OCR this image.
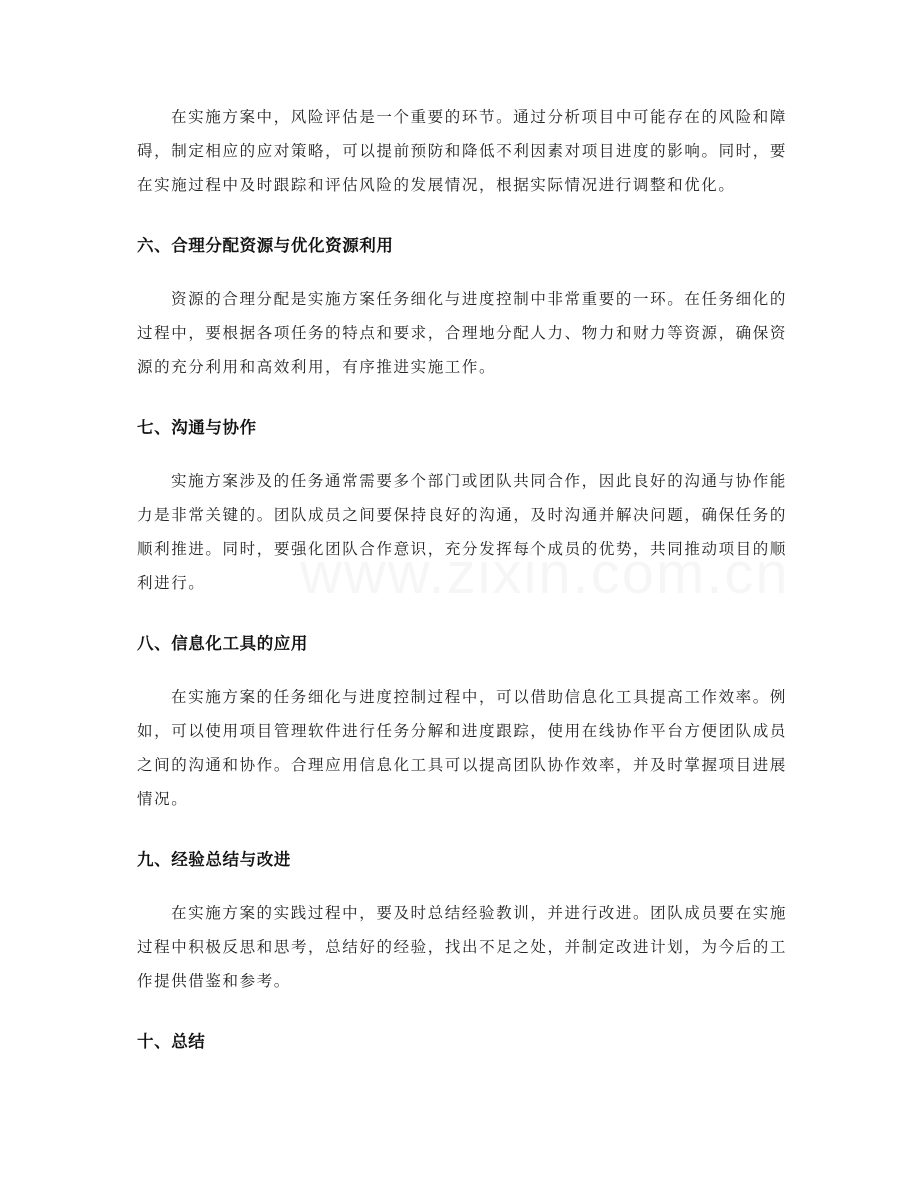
在实施方案中，风险评估是一个重要的环节。通过分析项目中可能存在的风险和障碍，制定相应的应对策略，可以提前预防和降低不利因素对项目进度的影响。同时，要在实施过程中及时跟踪和评估风险的发展情况，根据实际情况进行调整和优化。

六、合理分配资源与优化资源利用

资源的合理分配是实施方案任务细化与进度控制中非常重要的一环。在任务细化的过程中，要根据各项任务的特点和要求，合理地分配人力、物力和财力等资源，确保资源的充分利用和高效利用，有序推进实施工作。

七、沟通与协作

实施方案涉及的任务通常需要多个部门或团队共同合作，因此良好的沟通与协作能力是非常关键的。团队成员之间要保持良好的沟通，及时沟通并解决问题，确保任务的顺利推进。同时，要强化团队合作意识，充分发挥每个成员的优势，共同推动项目的顺利进行。

八、信息化工具的应用

在实施方案的任务细化与进度控制过程中，可以借助信息化工具提高工作效率。例如，可以使用项目管理软件进行任务分解和进度跟踪，使用在线协作平台方便团队成员之间的沟通和协作。合理应用信息化工具可以提高团队协作效率，并及时掌握项目进展情况。

九、经验总结与改进

在实施方案的实践过程中，要及时总结经验教训，并进行改进。团队成员要在实施过程中积极反思和思考，总结好的经验，找出不足之处，并制定改进计划，为今后的工作提供借鉴和参考。

十、总结
